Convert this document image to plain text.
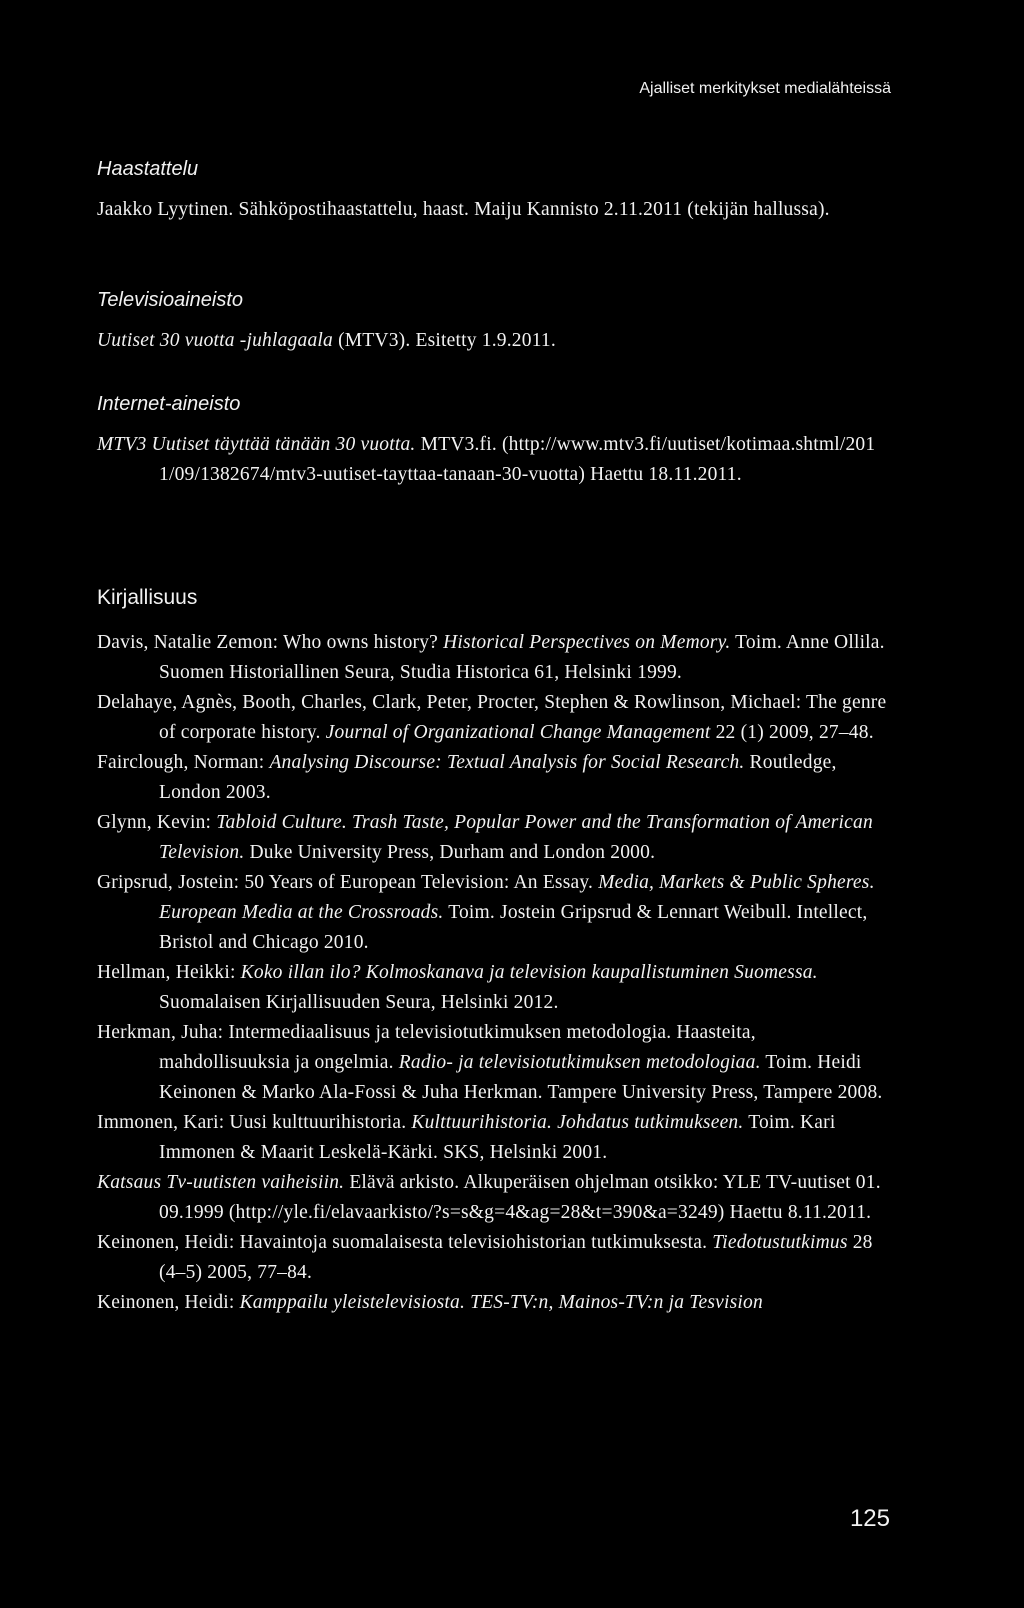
Ajalliset merkitykset medialähteissä
Haastattelu

Jaakko Lyytinen. Sähköpostihaastattelu, haast. Maiju Kannisto 2.11.2011 (tekijän hallussa).

Televisioaineisto

Uutiset 30 vuotta -juhlagaala (MTV3). Esitetty 1.9.2011.

Internet-aineisto

MTV3 Uutiset täyttää tänään 30 vuotta. MTV3.fi. (http://www.mtv3.fi/uutiset/kotimaa.shtml/2011/09/1382674/mtv3-uutiset-tayttaa-tanaan-30-vuotta) Haettu 18.11.2011.

Kirjallisuus

Davis, Natalie Zemon: Who owns history? Historical Perspectives on Memory. Toim. Anne Ollila. Suomen Historiallinen Seura, Studia Historica 61, Helsinki 1999.

Delahaye, Agnès, Booth, Charles, Clark, Peter, Procter, Stephen & Rowlinson, Michael: The genre of corporate history. Journal of Organizational Change Management 22 (1) 2009, 27–48.

Fairclough, Norman: Analysing Discourse: Textual Analysis for Social Research. Routledge, London 2003.

Glynn, Kevin: Tabloid Culture. Trash Taste, Popular Power and the Transformation of American Television. Duke University Press, Durham and London 2000.

Gripsrud, Jostein: 50 Years of European Television: An Essay. Media, Markets & Public Spheres. European Media at the Crossroads. Toim. Jostein Gripsrud & Lennart Weibull. Intellect, Bristol and Chicago 2010.

Hellman, Heikki: Koko illan ilo? Kolmoskanava ja television kaupallistuminen Suomessa. Suomalaisen Kirjallisuuden Seura, Helsinki 2012.

Herkman, Juha: Intermediaalisuus ja televisiotutkimuksen metodologia. Haasteita, mahdollisuuksia ja ongelmia. Radio- ja televisiotutkimuksen metodologiaa. Toim. Heidi Keinonen & Marko Ala-Fossi & Juha Herkman. Tampere University Press, Tampere 2008.

Immonen, Kari: Uusi kulttuurihistoria. Kulttuurihistoria. Johdatus tutkimukseen. Toim. Kari Immonen & Maarit Leskelä-Kärki. SKS, Helsinki 2001.

Katsaus Tv-uutisten vaiheisiin. Elävä arkisto. Alkuperäisen ohjelman otsikko: YLE TV-uutiset 01.09.1999 (http://yle.fi/elavaarkisto/?s=s&g=4&ag=28&t=390&a=3249) Haettu 8.11.2011.

Keinonen, Heidi: Havaintoja suomalaisesta televisiohistorian tutkimuksesta. Tiedotustutkimus 28 (4–5) 2005, 77–84.

Keinonen, Heidi: Kamppailu yleistelevisiosta. TES-TV:n, Mainos-TV:n ja Tesvision

125
